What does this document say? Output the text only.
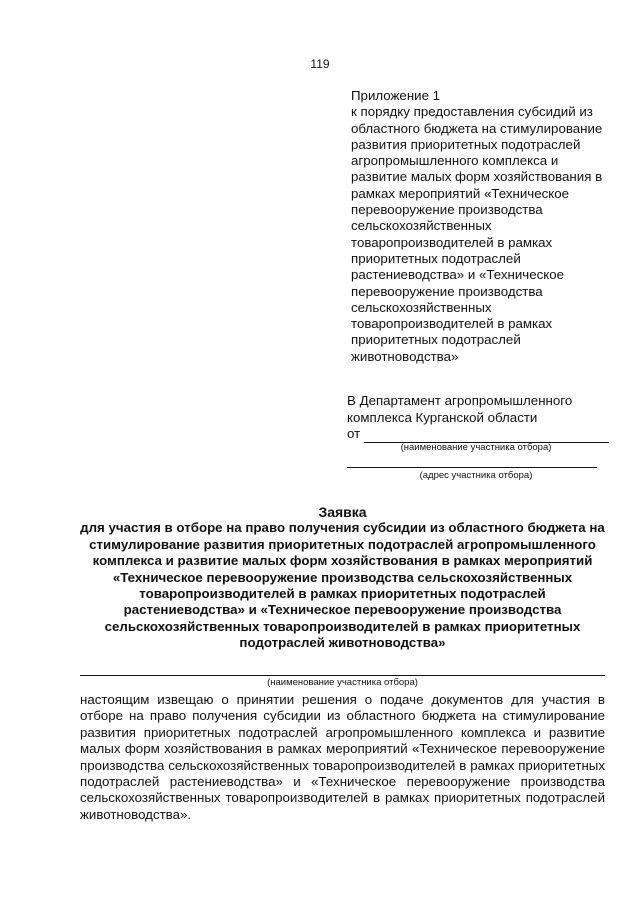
119
Приложение 1
к порядку предоставления субсидий из областного бюджета на стимулирование развития приоритетных подотраслей агропромышленного комплекса и развитие малых форм хозяйствования в рамках мероприятий «Техническое перевооружение производства сельскохозяйственных товаропроизводителей в рамках приоритетных подотраслей растениеводства» и «Техническое перевооружение производства сельскохозяйственных товаропроизводителей в рамках приоритетных подотраслей животноводства»
В Департамент агропромышленного
комплекса Курганской области
от
(наименование участника отбора)
(адрес участника отбора)
Заявка
для участия в отборе на право получения субсидии из областного бюджета на стимулирование развития приоритетных подотраслей агропромышленного комплекса и развитие малых форм хозяйствования в рамках мероприятий «Техническое перевооружение производства сельскохозяйственных товаропроизводителей в рамках приоритетных подотраслей растениеводства» и «Техническое перевооружение производства сельскохозяйственных товаропроизводителей в рамках приоритетных подотраслей животноводства»
(наименование участника отбора)
настоящим извещаю о принятии решения о подаче документов для участия в отборе на право получения субсидии из областного бюджета на стимулирование развития приоритетных подотраслей агропромышленного комплекса и развитие малых форм хозяйствования в рамках мероприятий «Техническое перевооружение производства сельскохозяйственных товаропроизводителей в рамках приоритетных подотраслей растениеводства» и «Техническое перевооружение производства сельскохозяйственных товаропроизводителей в рамках приоритетных подотраслей животноводства».
